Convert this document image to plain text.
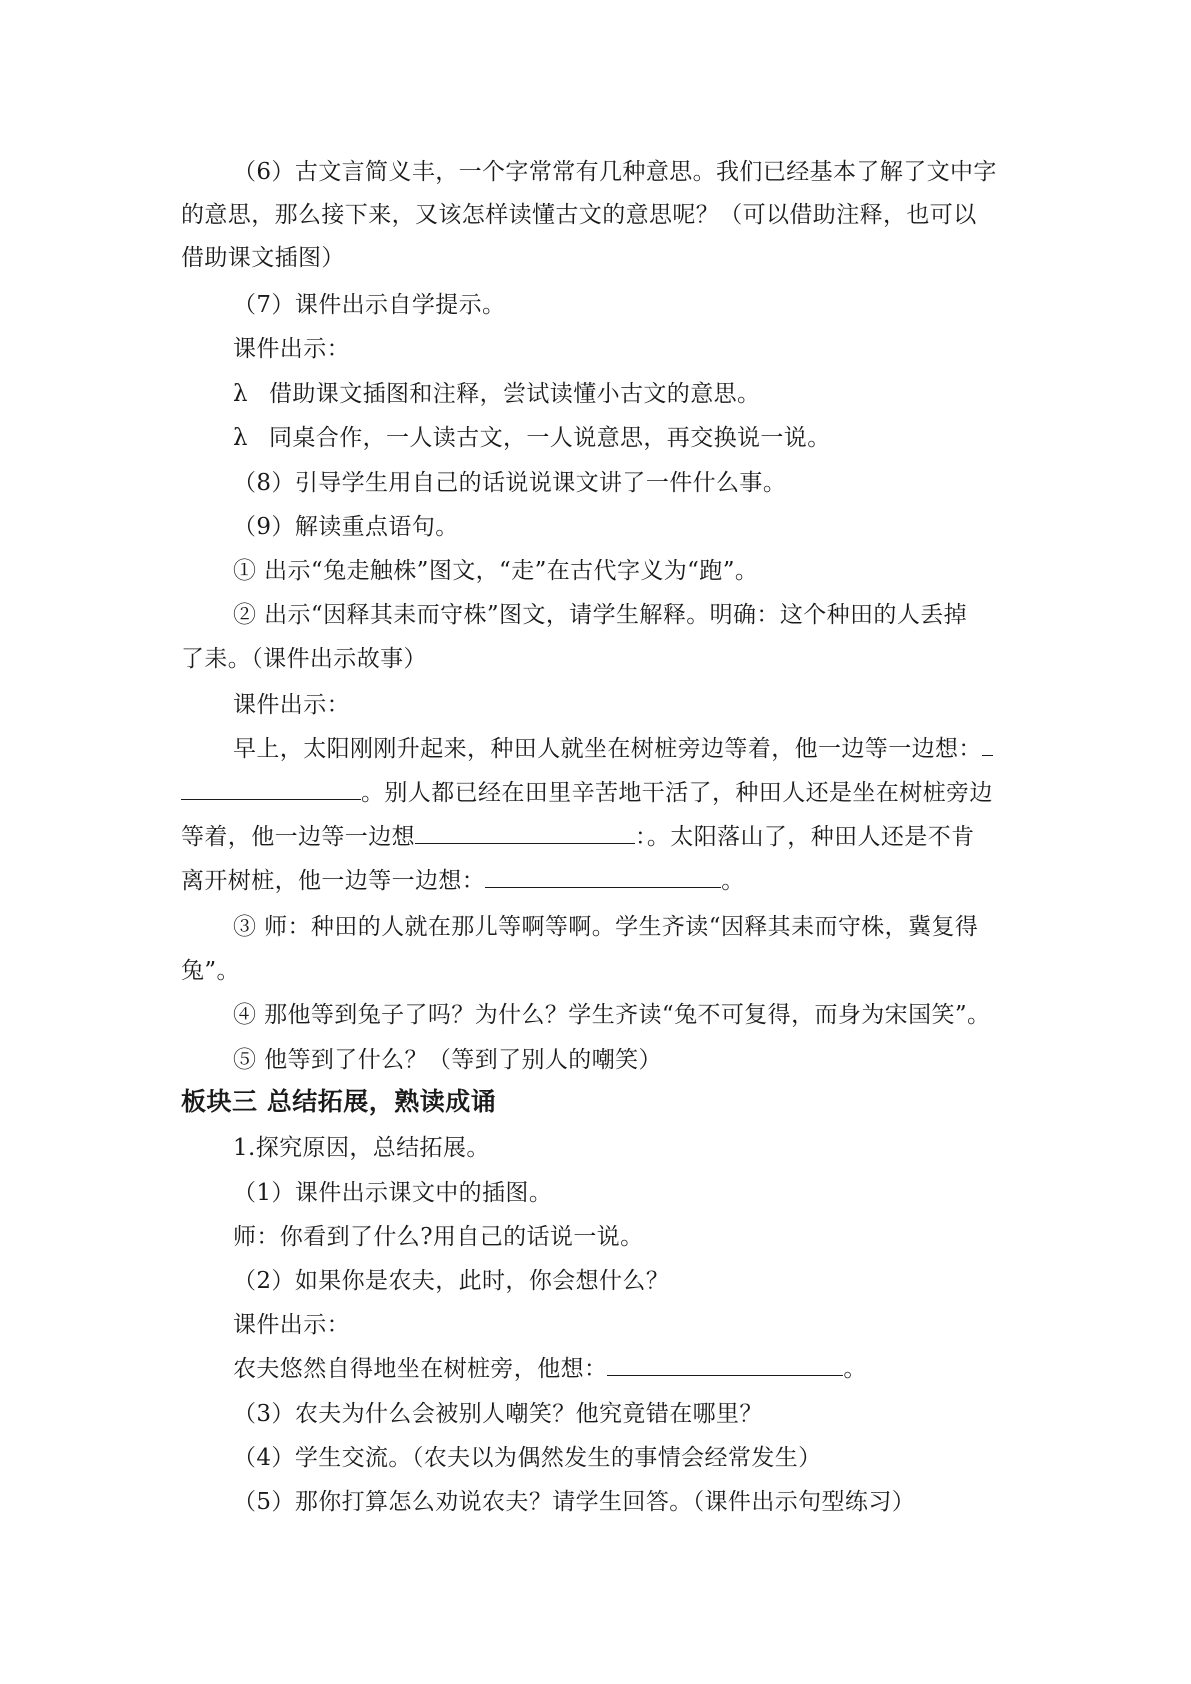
（6）古文言简义丰，一个字常常有几种意思。我们已经基本了解了文中字
的意思，那么接下来，又该怎样读懂古文的意思呢？（可以借助注释，也可以
借助课文插图）
（7）课件出示自学提示。
课件出示：
λ 借助课文插图和注释，尝试读懂小古文的意思。
λ 同桌合作，一人读古文，一人说意思，再交换说一说。
（8）引导学生用自己的话说说课文讲了一件什么事。
（9）解读重点语句。
① 出示“兔走触株”图文，“走”在古代字义为“跑”。
② 出示“因释其耒而守株”图文，请学生解释。明确：这个种田的人丢掉
了耒。（课件出示故事）
课件出示：
早上，太阳刚刚升起来，种田人就坐在树桩旁边等着，他一边等一边想：
。别人都已经在田里辛苦地干活了，种田人还是坐在树桩旁边
等着，他一边等一边想	：。太阳落山了，种田人还是不肯
离开树桩，他一边等一边想：	。
③ 师：种田的人就在那儿等啊等啊。学生齐读“因释其耒而守株，冀复得
兔”。
④ 那他等到兔子了吗？为什么？学生齐读“兔不可复得，而身为宋国笑”。
⑤ 他等到了什么？（等到了别人的嘲笑）
板块三 总结拓展，熟读成诵
1.探究原因，总结拓展。
（1）课件出示课文中的插图。
师：你看到了什么?用自己的话说一说。
（2）如果你是农夫，此时，你会想什么？
课件出示：
农夫悠然自得地坐在树桩旁，他想：	。
（3）农夫为什么会被别人嘲笑？他究竟错在哪里？
（4）学生交流。（农夫以为偶然发生的事情会经常发生）
（5）那你打算怎么劝说农夫？请学生回答。（课件出示句型练习）
